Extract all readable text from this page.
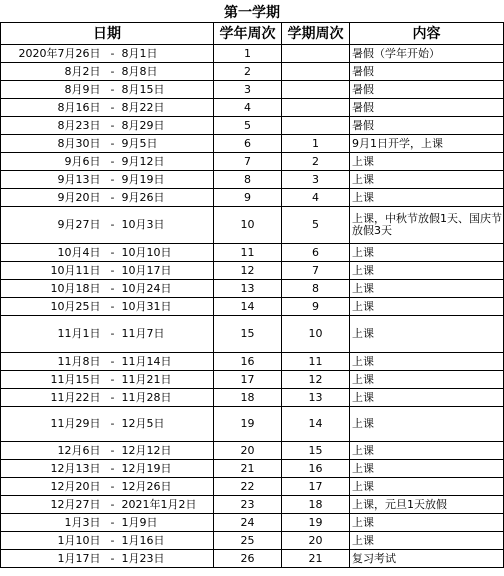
第一学期					
日期			学年周次	学期周次	内容
2020年7月26日	-	8月1日	1		暑假（学年开始）
8月2日	-	8月8日	2		暑假
8月9日	-	8月15日	3		暑假
8月16日	-	8月22日	4		暑假
8月23日	-	8月29日	5		暑假
8月30日	-	9月5日	6	1	9月1日开学，上课
9月6日	-	9月12日	7	2	上课
9月13日	-	9月19日	8	3	上课
9月20日	-	9月26日	9	4	上课
9月27日	-	10月3日	10	5	上课，中秋节放假1天、国庆节放假3天
10月4日	-	10月10日	11	6	上课
10月11日	-	10月17日	12	7	上课
10月18日	-	10月24日	13	8	上课
10月25日	-	10月31日	14	9	上课
11月1日	-	11月7日	15	10	上课
11月8日	-	11月14日	16	11	上课
11月15日	-	11月21日	17	12	上课
11月22日	-	11月28日	18	13	上课
11月29日	-	12月5日	19	14	上课
12月6日	-	12月12日	20	15	上课
12月13日	-	12月19日	21	16	上课
12月20日	-	12月26日	22	17	上课
12月27日	-	2021年1月2日	23	18	上课，元旦1天放假
1月3日	-	1月9日	24	19	上课
1月10日	-	1月16日	25	20	上课
1月17日	-	1月23日	26	21	复习考试
